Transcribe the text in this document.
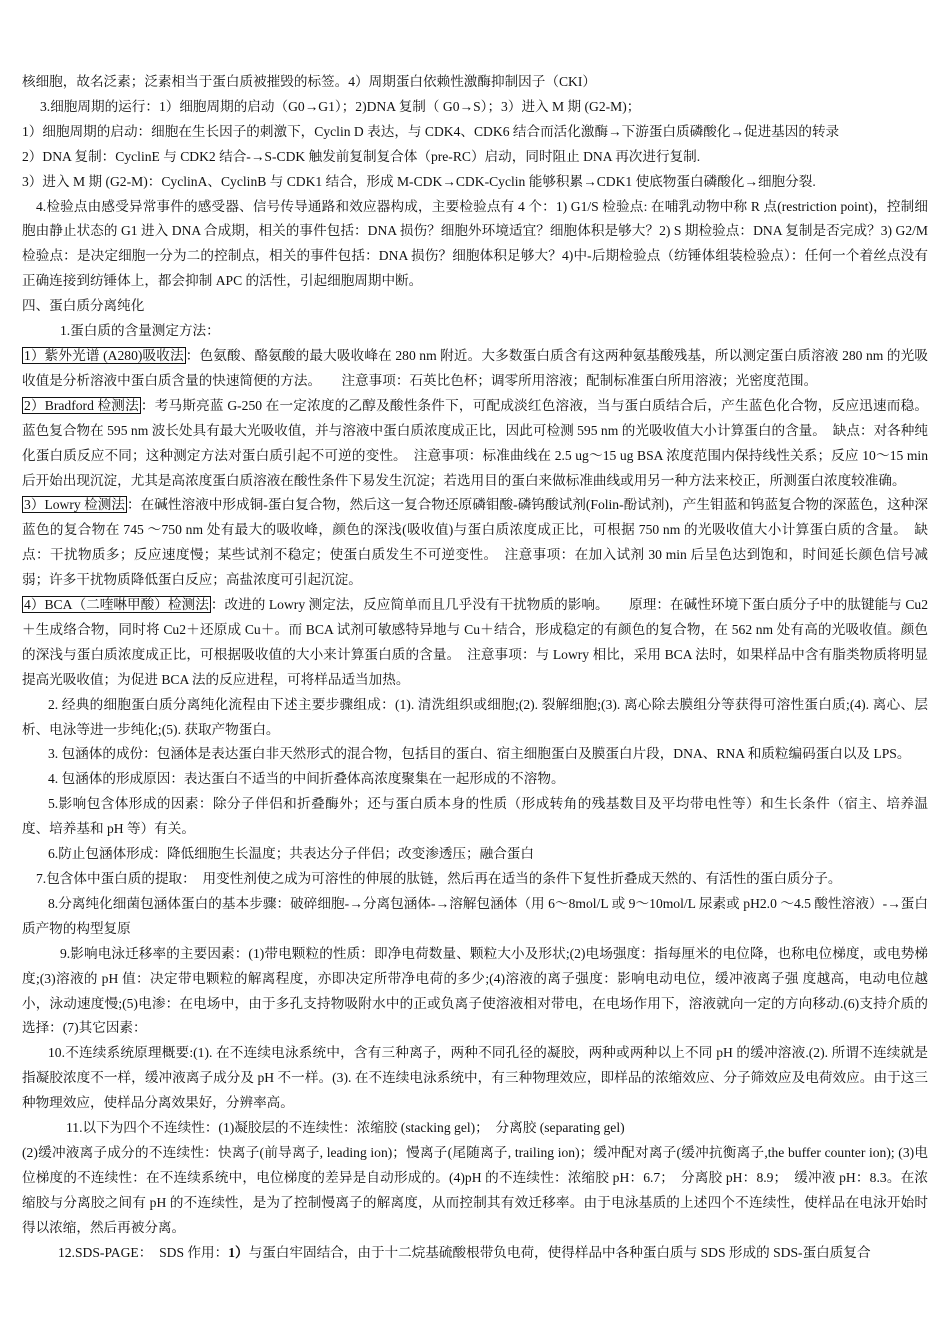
核细胞，故名泛素；泛素相当于蛋白质被摧毁的标签。4）周期蛋白依赖性激酶抑制因子（CKI）

3.细胞周期的运行：1）细胞周期的启动（G0→G1）；2)DNA 复制（ G0→S）；3）进入 M 期 (G2-M)；

1）细胞周期的启动：细胞在生长因子的刺激下，Cyclin D 表达，与 CDK4、CDK6 结合而活化激酶→下游蛋白质磷酸化→促进基因的转录

2）DNA 复制：CyclinE 与 CDK2 结合-→S-CDK 触发前复制复合体（pre-RC）启动，同时阻止 DNA 再次进行复制.

3）进入 M 期 (G2-M)：CyclinA、CyclinB 与 CDK1 结合，形成 M-CDK→CDK-Cyclin 能够积累→CDK1 使底物蛋白磷酸化→细胞分裂.

4.检验点由感受异常事件的感受器、信号传导通路和效应器构成，主要检验点有 4 个：1) G1/S 检验点: 在哺乳动物中称 R 点(restriction point)，控制细胞由静止状态的 G1 进入 DNA 合成期，相关的事件包括：DNA 损伤？细胞外环境适宜？细胞体积是够大？2) S 期检验点：DNA 复制是否完成？3) G2/M 检验点：是决定细胞一分为二的控制点，相关的事件包括：DNA 损伤？细胞体积足够大？4)中-后期检验点（纺锤体组装检验点）：任何一个着丝点没有正确连接到纺锤体上，都会抑制 APC 的活性，引起细胞周期中断。

四、蛋白质分离纯化

1.蛋白质的含量测定方法：

1）紫外光谱 (A280)吸收法 ：色氨酸、酪氨酸的最大吸收峰在 280 nm 附近。大多数蛋白质含有这两种氨基酸残基，所以测定蛋白质溶液 280 nm 的光吸收值是分析溶液中蛋白质含量的快速简便的方法。　　注意事项：石英比色杯；调零所用溶液；配制标准蛋白所用溶液；光密度范围。

2）Bradford 检测法 ：考马斯亮蓝 G-250 在一定浓度的乙醇及酸性条件下，可配成淡红色溶液，当与蛋白质结合后，产生蓝色化合物，反应迅速而稳。蓝色复合物在 595 nm 波长处具有最大光吸收值，并与溶液中蛋白质浓度成正比，因此可检测 595 nm 的光吸收值大小计算蛋白的含量。　缺点：对各种纯化蛋白质反应不同；这种测定方法对蛋白质引起不可逆的变性。　注意事项：标准曲线在 2.5 ug～15 ug BSA 浓度范围内保持线性关系；反应 10～15 min 后开始出现沉淀，尤其是高浓度蛋白质溶液在酸性条件下易发生沉淀；若选用目的蛋白来做标准曲线或用另一种方法来校正，所测蛋白浓度较准确。

3）Lowry 检测法 ：在碱性溶液中形成铜-蛋白复合物，然后这一复合物还原磷钼酸-磷钨酸试剂(Folin-酚试剂)，产生钼蓝和钨蓝复合物的深蓝色，这种深蓝色的复合物在 745 ～750 nm 处有最大的吸收峰，颜色的深浅(吸收值)与蛋白质浓度成正比，可根据 750 nm 的光吸收值大小计算蛋白质的含量。　缺点：干扰物质多；反应速度慢；某些试剂不稳定；使蛋白质发生不可逆变性。　注意事项：在加入试剂 30 min 后呈色达到饱和，时间延长颜色信号减弱；许多干扰物质降低蛋白反应；高盐浓度可引起沉淀。

4）BCA（二喹啉甲酸）检测法 ：改进的 Lowry 测定法，反应简单而且几乎没有干扰物质的影响。　　原理：在碱性环境下蛋白质分子中的肽键能与 Cu2＋生成络合物，同时将 Cu2＋还原成 Cu＋。而 BCA 试剂可敏感特异地与 Cu＋结合，形成稳定的有颜色的复合物，在 562 nm 处有高的光吸收值。颜色的深浅与蛋白质浓度成正比，可根据吸收值的大小来计算蛋白质的含量。　注意事项：与 Lowry 相比，采用 BCA 法时，如果样品中含有脂类物质将明显提高光吸收值；为促进 BCA 法的反应进程，可将样品适当加热。

2. 经典的细胞蛋白质分离纯化流程由下述主要步骤组成：(1). 清洗组织或细胞;(2). 裂解细胞;(3). 离心除去膜组分等获得可溶性蛋白质;(4). 离心、层析、电泳等进一步纯化;(5). 获取产物蛋白。

3. 包涵体的成份：包涵体是表达蛋白非天然形式的混合物，包括目的蛋白、宿主细胞蛋白及膜蛋白片段，DNA、RNA 和质粒编码蛋白以及 LPS。

4. 包涵体的形成原因：表达蛋白不适当的中间折叠体高浓度聚集在一起形成的不溶物。

5.影响包含体形成的因素：除分子伴侣和折叠酶外；还与蛋白质本身的性质（形成转角的残基数目及平均带电性等）和生长条件（宿主、培养温度、培养基和 pH 等）有关。

6.防止包涵体形成：降低细胞生长温度；共表达分子伴侣；改变渗透压；融合蛋白

7.包含体中蛋白质的提取：　用变性剂使之成为可溶性的伸展的肽链，然后再在适当的条件下复性折叠成天然的、有活性的蛋白质分子。

8.分离纯化细菌包涵体蛋白的基本步骤：破碎细胞-→分离包涵体-→溶解包涵体（用 6～8mol/L 或 9～10mol/L 尿素或 pH2.0 ～4.5 酸性溶液）-→蛋白质产物的构型复原

9.影响电泳迁移率的主要因素：(1)带电颗粒的性质：即净电荷数量、颗粒大小及形状;(2)电场强度：指每厘米的电位降，也称电位梯度，或电势梯度;(3)溶液的 pH 值：决定带电颗粒的解离程度，亦即决定所带净电荷的多少;(4)溶液的离子强度：影响电动电位，缓冲液离子强 度越高，电动电位越小，泳动速度慢;(5)电渗：在电场中，由于多孔支持物吸附水中的正或负离子使溶液相对带电，在电场作用下，溶液就向一定的方向移动.(6)支持介质的选择：(7)其它因素：

10.不连续系统原理概要:(1). 在不连续电泳系统中，含有三种离子，两种不同孔径的凝胶，两种或两种以上不同 pH 的缓冲溶液.(2). 所谓不连续就是指凝胶浓度不一样，缓冲液离子成分及 pH 不一样。(3). 在不连续电泳系统中，有三种物理效应，即样品的浓缩效应、分子筛效应及电荷效应。由于这三种物理效应，使样品分离效果好，分辨率高。

11.以下为四个不连续性：(1)凝胶层的不连续性：浓缩胶 (stacking gel)；　分离胶 (separating gel)

(2)缓冲液离子成分的不连续性：快离子(前导离子, leading ion)；慢离子(尾随离子, trailing ion)；缓冲配对离子(缓冲抗衡离子,the buffer counter ion); (3)电位梯度的不连续性：在不连续系统中，电位梯度的差异是自动形成的。(4)pH 的不连续性：浓缩胶 pH：6.7；　分离胶 pH：8.9；　缓冲液 pH：8.3。在浓缩胶与分离胶之间有 pH 的不连续性，是为了控制慢离子的解离度，从而控制其有效迁移率。由于电泳基质的上述四个不连续性，使样品在电泳开始时得以浓缩，然后再被分离。

12.SDS-PAGE：　SDS 作用：1）与蛋白牢固结合，由于十二烷基硫酸根带负电荷，使得样品中各种蛋白质与 SDS 形成的 SDS-蛋白质复合
